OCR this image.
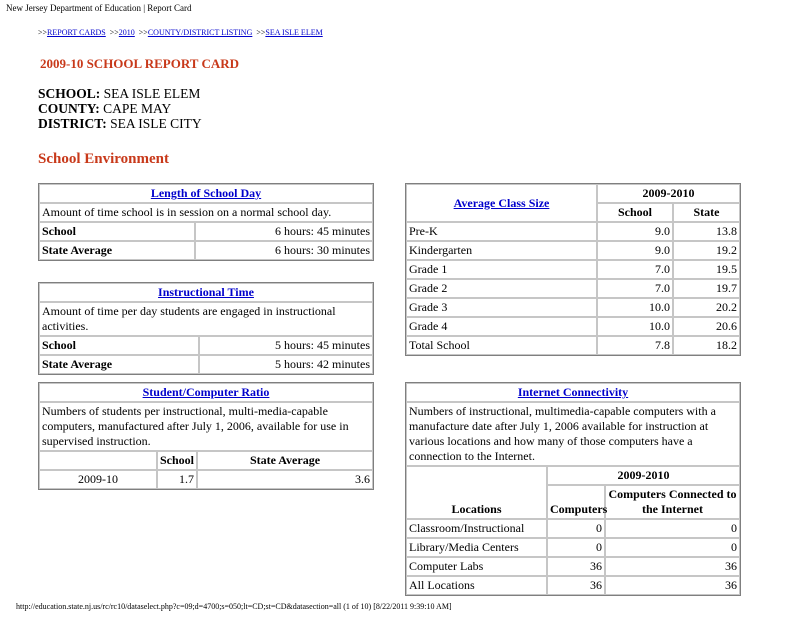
New Jersey Department of Education | Report Card
>>REPORT CARDS >>2010 >>COUNTY/DISTRICT LISTING >>SEA ISLE ELEM
2009-10 SCHOOL REPORT CARD
SCHOOL: SEA ISLE ELEM
COUNTY: CAPE MAY
DISTRICT: SEA ISLE CITY
School Environment
Length of School Day	
Amount of time school is in session on a normal school day.	
School	6 hours: 45 minutes
State Average	6 hours: 30 minutes
Instructional Time	
Amount of time per day students are engaged in instructional activities.	
School	5 hours: 45 minutes
State Average	5 hours: 42 minutes
Student/Computer Ratio		
Numbers of students per instructional, multi-media-capable computers, manufactured after July 1, 2006, available for use in supervised instruction.		
	School	State Average
2009-10	1.7	3.6
Average Class Size	2009-2010	
	School	State
Pre-K	9.0	13.8
Kindergarten	9.0	19.2
Grade 1	7.0	19.5
Grade 2	7.0	19.7
Grade 3	10.0	20.2
Grade 4	10.0	20.6
Total School	7.8	18.2
Internet Connectivity		
Numbers of instructional, multimedia-capable computers with a manufacture date after July 1, 2006 available for instruction at various locations and how many of those computers have a connection to the Internet.		
Locations	2009-2010	
	Computers	Computers Connected to the Internet
Classroom/Instructional	0	0
Library/Media Centers	0	0
Computer Labs	36	36
All Locations	36	36
http://education.state.nj.us/rc/rc10/dataselect.php?c=09;d=4700;s=050;lt=CD;st=CD&datasection=all (1 of 10) [8/22/2011 9:39:10 AM]
